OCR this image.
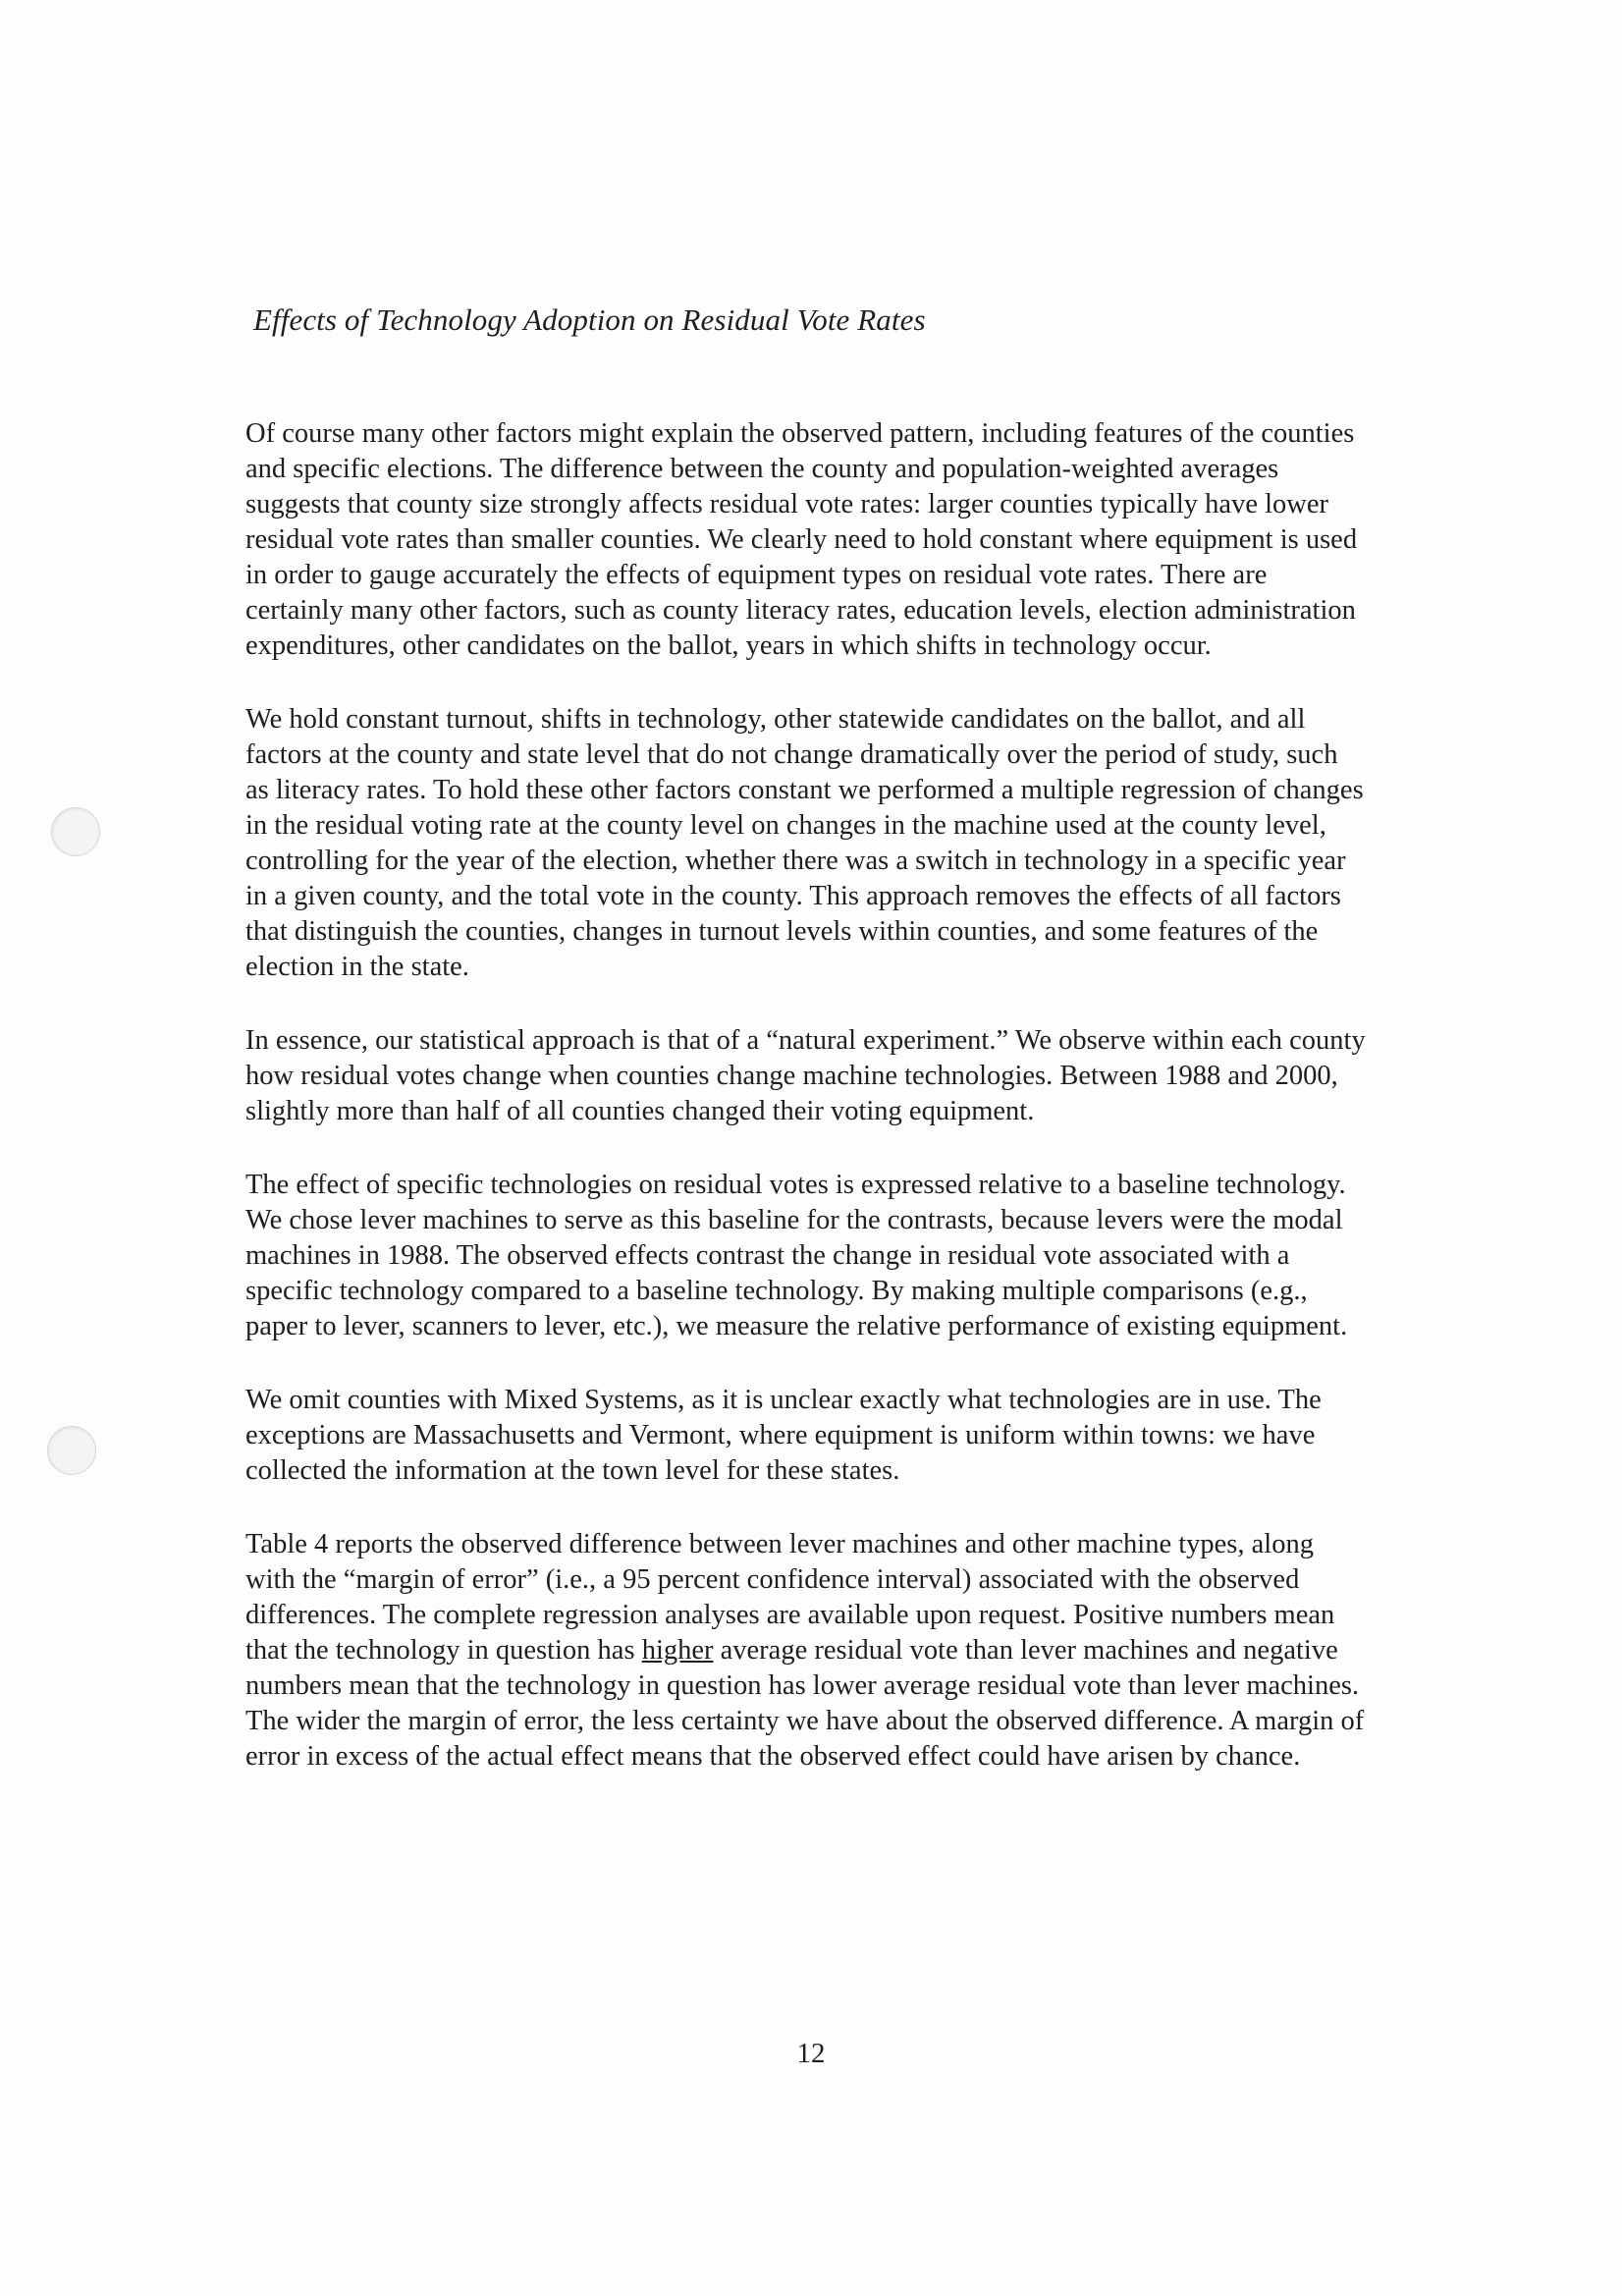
Effects of Technology Adoption on Residual Vote Rates

Of course many other factors might explain the observed pattern, including features of the counties and specific elections. The difference between the county and population-weighted averages suggests that county size strongly affects residual vote rates: larger counties typically have lower residual vote rates than smaller counties. We clearly need to hold constant where equipment is used in order to gauge accurately the effects of equipment types on residual vote rates. There are certainly many other factors, such as county literacy rates, education levels, election administration expenditures, other candidates on the ballot, years in which shifts in technology occur.

We hold constant turnout, shifts in technology, other statewide candidates on the ballot, and all factors at the county and state level that do not change dramatically over the period of study, such as literacy rates. To hold these other factors constant we performed a multiple regression of changes in the residual voting rate at the county level on changes in the machine used at the county level, controlling for the year of the election, whether there was a switch in technology in a specific year in a given county, and the total vote in the county. This approach removes the effects of all factors that distinguish the counties, changes in turnout levels within counties, and some features of the election in the state.

In essence, our statistical approach is that of a “natural experiment.” We observe within each county how residual votes change when counties change machine technologies. Between 1988 and 2000, slightly more than half of all counties changed their voting equipment.

The effect of specific technologies on residual votes is expressed relative to a baseline technology. We chose lever machines to serve as this baseline for the contrasts, because levers were the modal machines in 1988. The observed effects contrast the change in residual vote associated with a specific technology compared to a baseline technology. By making multiple comparisons (e.g., paper to lever, scanners to lever, etc.), we measure the relative performance of existing equipment.

We omit counties with Mixed Systems, as it is unclear exactly what technologies are in use. The exceptions are Massachusetts and Vermont, where equipment is uniform within towns: we have collected the information at the town level for these states.

Table 4 reports the observed difference between lever machines and other machine types, along with the “margin of error” (i.e., a 95 percent confidence interval) associated with the observed differences. The complete regression analyses are available upon request. Positive numbers mean that the technology in question has higher average residual vote than lever machines and negative numbers mean that the technology in question has lower average residual vote than lever machines. The wider the margin of error, the less certainty we have about the observed difference. A margin of error in excess of the actual effect means that the observed effect could have arisen by chance.

12
